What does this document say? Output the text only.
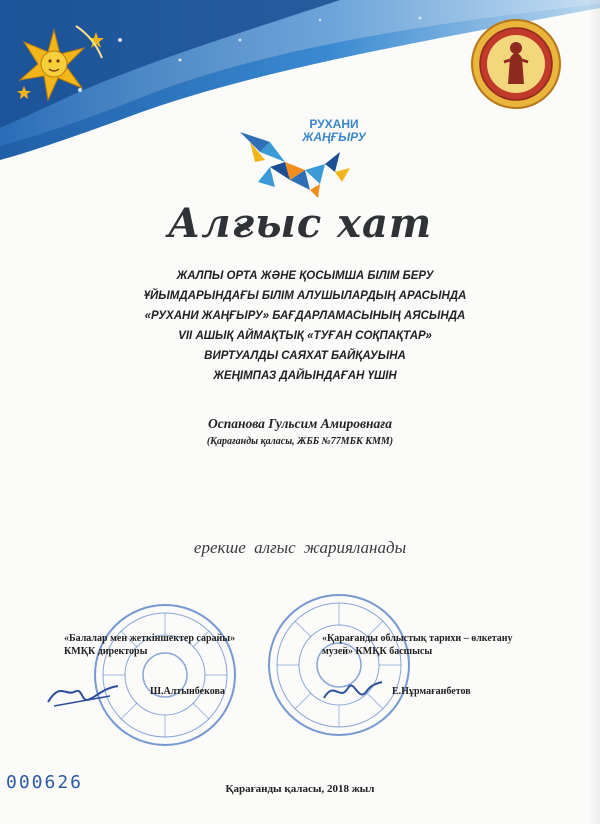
РУХАНИ
ЖАҢҒЫРУ
Алғыс хат
ЖАЛПЫ ОРТА ЖӘНЕ ҚОСЫМША БІЛІМ БЕРУ
ҰЙЫМДАРЫНДАҒЫ БІЛІМ АЛУШЫЛАРДЫҢ АРАСЫНДА
«РУХАНИ ЖАҢҒЫРУ» БАҒДАРЛАМАСЫНЫҢ АЯСЫНДА
VII АШЫҚ АЙМАҚТЫҚ «ТУҒАН СОҚПАҚТАР»
ВИРТУАЛДЫ САЯХАТ БАЙҚАУЫНА
ЖЕҢІМПАЗ ДАЙЫНДАҒАН ҮШІН
Оспанова Гульсим Амировнаға
(Қарағанды қаласы, ЖББ №77МБК КММ)
ерекше алғыс жарияланады
«Балалар мен жеткіншектер сарайы»
КМҚК директоры
«Қарағанды облыстық тарихи – өлкетану
музей» КМҚК басшысы
Ш.Алтынбекова	Е.Нұрмағанбетов
000626	Қарағанды қаласы, 2018 жыл
